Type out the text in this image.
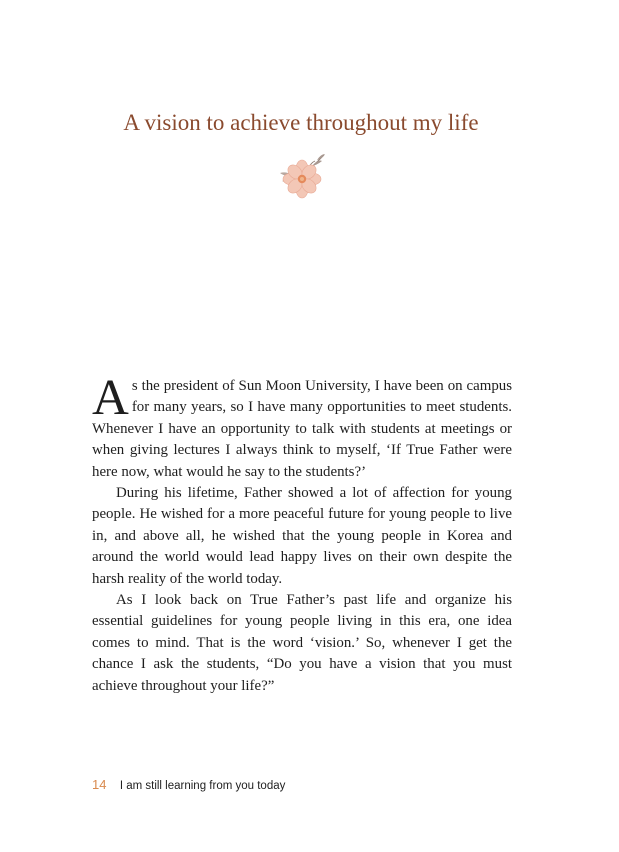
A vision to achieve throughout my life

As the president of Sun Moon University, I have been on campus for many years, so I have many opportunities to meet students. Whenever I have an opportunity to talk with students at meetings or when giving lectures I always think to myself, ‘If True Father were here now, what would he say to the students?’

During his lifetime, Father showed a lot of affection for young people. He wished for a more peaceful future for young people to live in, and above all, he wished that the young people in Korea and around the world would lead happy lives on their own despite the harsh reality of the world today.

As I look back on True Father’s past life and organize his essential guidelines for young people living in this era, one idea comes to mind. That is the word ‘vision.’ So, whenever I get the chance I ask the students, “Do you have a vision that you must achieve throughout your life?”

14 I am still learning from you today
